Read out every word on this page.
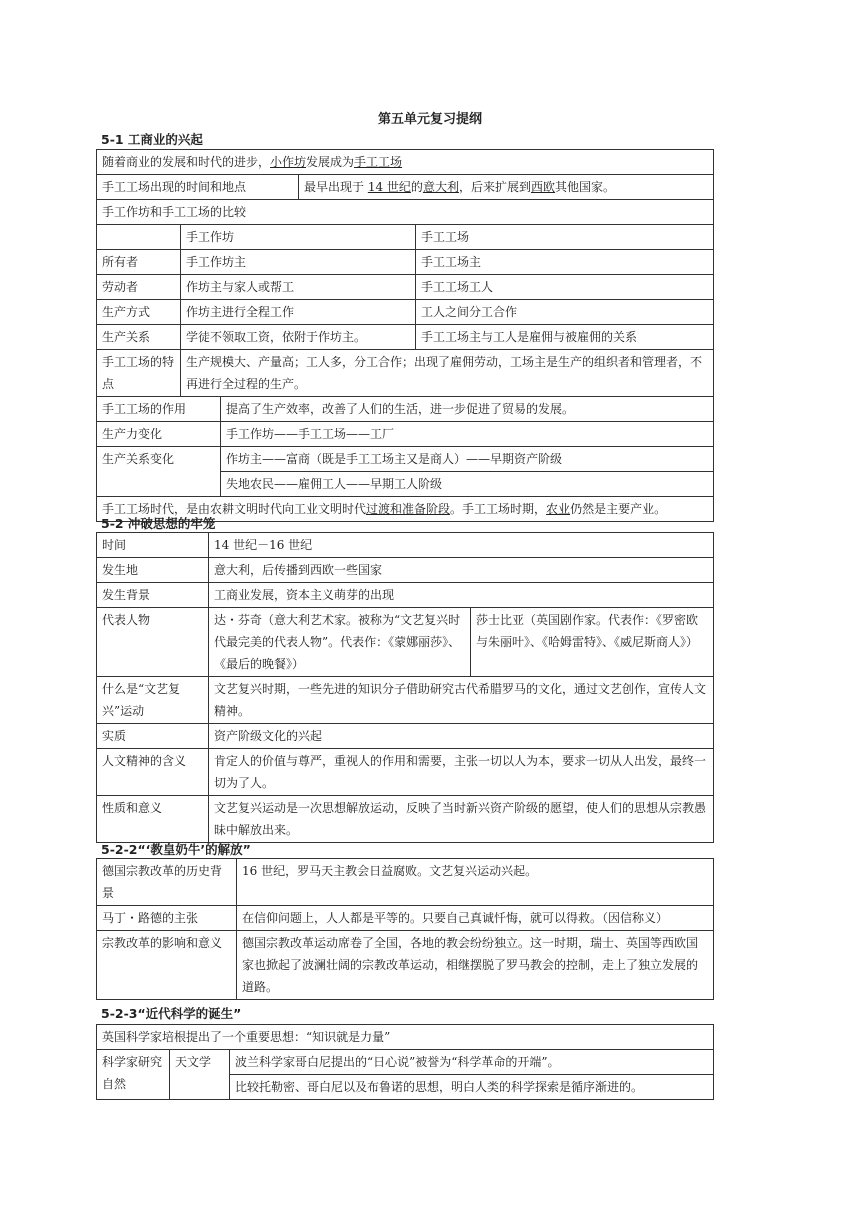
第五单元复习提纲
5-1 工商业的兴起
随着商业的发展和时代的进步，小作坊发展成为手工工场				
手工工场出现的时间和地点			最早出现于 14 世纪的意大利，后来扩展到西欧其他国家。	
手工作坊和手工工场的比较				
	手工作坊			手工工场
所有者	手工作坊主			手工工场主
劳动者	作坊主与家人或帮工			手工工场工人
生产方式	作坊主进行全程工作			工人之间分工合作
生产关系	学徒不领取工资，依附于作坊主。			手工工场主与工人是雇佣与被雇佣的关系
手工工场的特点	生产规模大、产量高；工人多，分工合作；出现了雇佣劳动，工场主是生产的组织者和管理者，不再进行全过程的生产。			
手工工场的作用		提高了生产效率，改善了人们的生活，进一步促进了贸易的发展。		
生产力变化		手工作坊——手工工场——工厂		
生产关系变化		作坊主——富商（既是手工工场主又是商人）——早期资产阶级		
		失地农民——雇佣工人——早期工人阶级		
手工工场时代，是由农耕文明时代向工业文明时代过渡和准备阶段。手工工场时期，农业仍然是主要产业。				
5-2 冲破思想的牢笼
时间	14 世纪－16 世纪	
发生地	意大利，后传播到西欧一些国家	
发生背景	工商业发展，资本主义萌芽的出现	
代表人物	达・芬奇（意大利艺术家。被称为“文艺复兴时代最完美的代表人物”。代表作：《蒙娜丽莎》、《最后的晚餐》）	莎士比亚（英国剧作家。代表作：《罗密欧与朱丽叶》、《哈姆雷特》、《威尼斯商人》）
什么是“文艺复兴”运动	文艺复兴时期，一些先进的知识分子借助研究古代希腊罗马的文化，通过文艺创作，宣传人文精神。	
实质	资产阶级文化的兴起	
人文精神的含义	肯定人的价值与尊严，重视人的作用和需要，主张一切以人为本，要求一切从人出发，最终一切为了人。	
性质和意义	文艺复兴运动是一次思想解放运动，反映了当时新兴资产阶级的愿望，使人们的思想从宗教愚昧中解放出来。	
5-2-2“‘教皇奶牛’的解放”
德国宗教改革的历史背景	16 世纪，罗马天主教会日益腐败。文艺复兴运动兴起。
马丁・路德的主张	在信仰问题上，人人都是平等的。只要自己真诚忏悔，就可以得救。（因信称义）
宗教改革的影响和意义	德国宗教改革运动席卷了全国，各地的教会纷纷独立。这一时期，瑞士、英国等西欧国家也掀起了波澜壮阔的宗教改革运动，相继摆脱了罗马教会的控制，走上了独立发展的道路。
5-2-3“近代科学的诞生”
英国科学家培根提出了一个重要思想：“知识就是力量”
科学家研究自然	天文学	波兰科学家哥白尼提出的“日心说”被誉为“科学革命的开端”。
比较托勒密、哥白尼以及布鲁诺的思想，明白人类的科学探索是循序渐进的。
